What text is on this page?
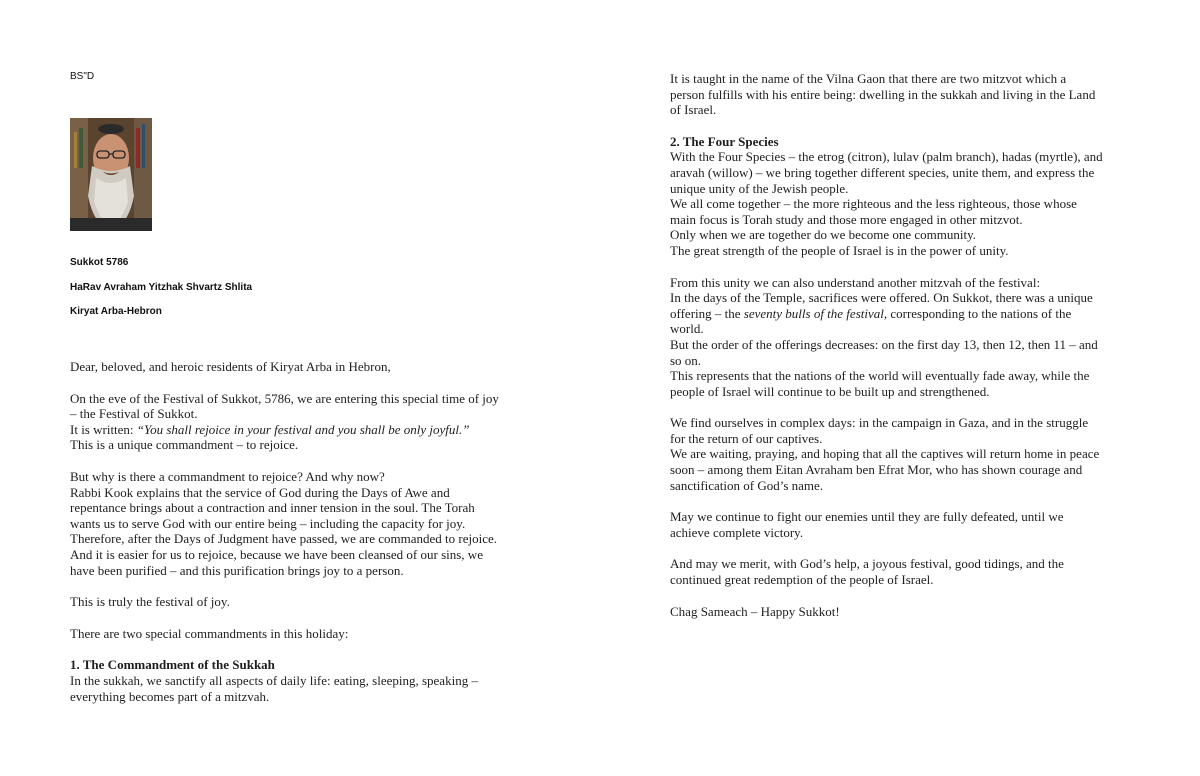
BS"D
Sukkot 5786
HaRav Avraham Yitzhak Shvartz Shlita
Kiryat Arba-Hebron

Dear, beloved, and heroic residents of Kiryat Arba in Hebron,

On the eve of the Festival of Sukkot, 5786, we are entering this special time of joy
– the Festival of Sukkot.
It is written: “You shall rejoice in your festival and you shall be only joyful.”
This is a unique commandment – to rejoice.

But why is there a commandment to rejoice? And why now?
Rabbi Kook explains that the service of God during the Days of Awe and
repentance brings about a contraction and inner tension in the soul. The Torah
wants us to serve God with our entire being – including the capacity for joy.
Therefore, after the Days of Judgment have passed, we are commanded to rejoice.
And it is easier for us to rejoice, because we have been cleansed of our sins, we
have been purified – and this purification brings joy to a person.

This is truly the festival of joy.

There are two special commandments in this holiday:

1. The Commandment of the Sukkah
In the sukkah, we sanctify all aspects of daily life: eating, sleeping, speaking –
everything becomes part of a mitzvah.

It is taught in the name of the Vilna Gaon that there are two mitzvot which a
person fulfills with his entire being: dwelling in the sukkah and living in the Land
of Israel.

2. The Four Species
With the Four Species – the etrog (citron), lulav (palm branch), hadas (myrtle), and
aravah (willow) – we bring together different species, unite them, and express the
unique unity of the Jewish people.
We all come together – the more righteous and the less righteous, those whose
main focus is Torah study and those more engaged in other mitzvot.
Only when we are together do we become one community.
The great strength of the people of Israel is in the power of unity.

From this unity we can also understand another mitzvah of the festival:
In the days of the Temple, sacrifices were offered. On Sukkot, there was a unique
offering – the seventy bulls of the festival, corresponding to the nations of the
world.
But the order of the offerings decreases: on the first day 13, then 12, then 11 – and
so on.
This represents that the nations of the world will eventually fade away, while the
people of Israel will continue to be built up and strengthened.

We find ourselves in complex days: in the campaign in Gaza, and in the struggle
for the return of our captives.
We are waiting, praying, and hoping that all the captives will return home in peace
soon – among them Eitan Avraham ben Efrat Mor, who has shown courage and
sanctification of God’s name.

May we continue to fight our enemies until they are fully defeated, until we
achieve complete victory.

And may we merit, with God’s help, a joyous festival, good tidings, and the
continued great redemption of the people of Israel.

Chag Sameach – Happy Sukkot!
